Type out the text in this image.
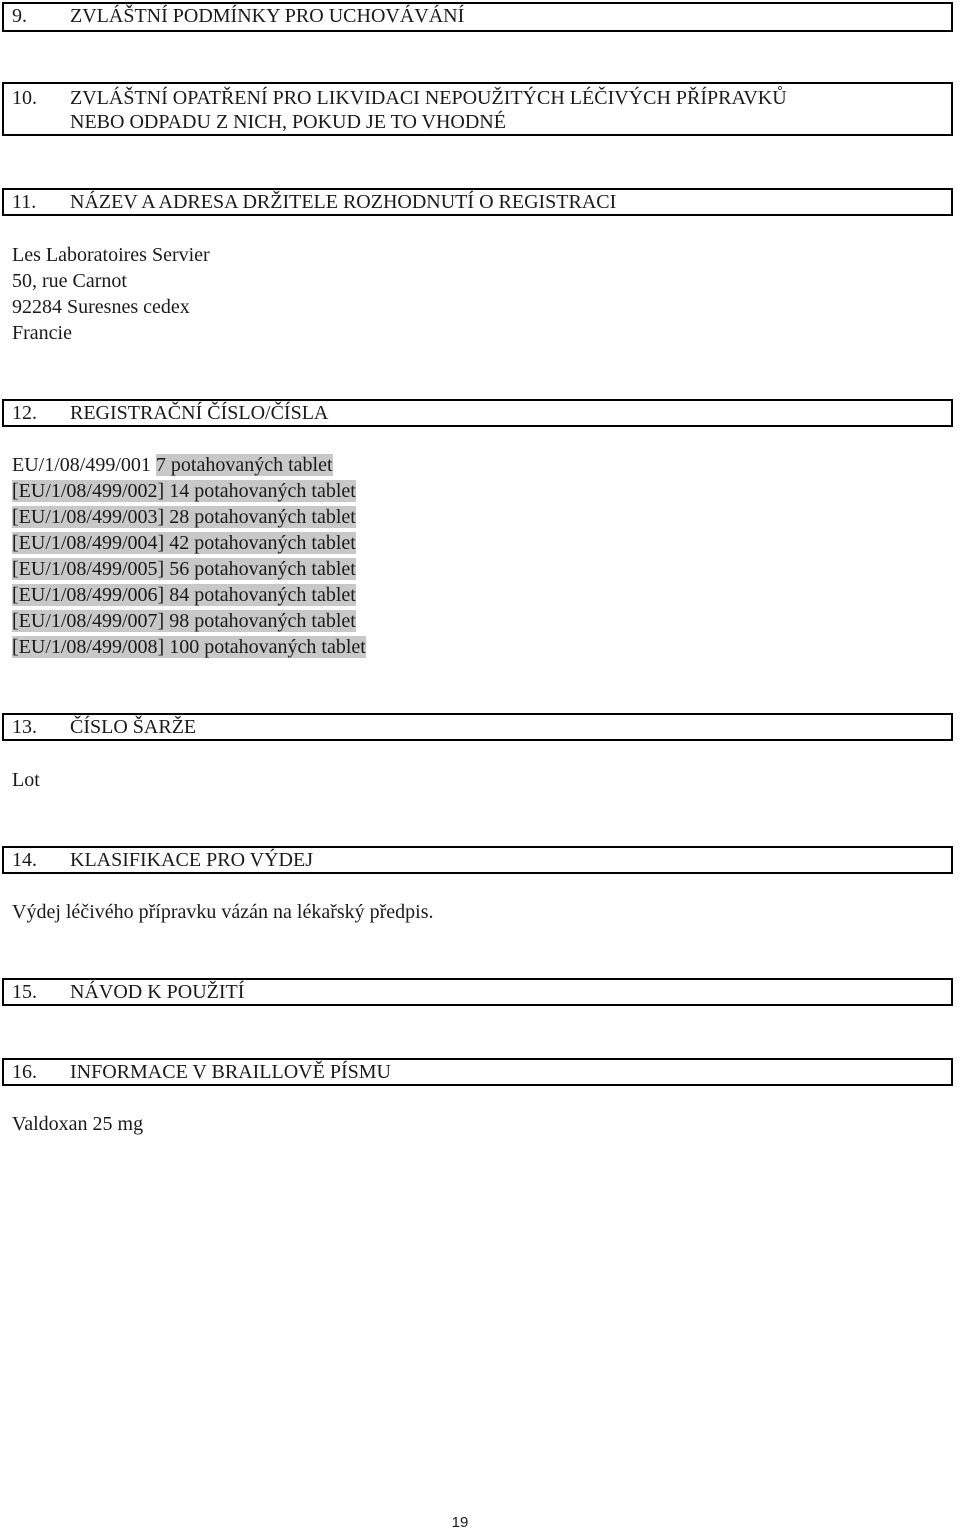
9.	ZVLÁŠTNÍ PODMÍNKY PRO UCHOVÁVÁNÍ
10.	ZVLÁŠTNÍ OPATŘENÍ PRO LIKVIDACI NEPOUŽITÝCH LÉČIVÝCH PŘÍPRAVKŮ
NEBO ODPADU Z NICH, POKUD JE TO VHODNÉ
11.	NÁZEV A ADRESA DRŽITELE ROZHODNUTÍ O REGISTRACI
Les Laboratoires Servier
50, rue Carnot
92284 Suresnes cedex
Francie
12.	REGISTRAČNÍ ČÍSLO/ČÍSLA
EU/1/08/499/001 7 potahovaných tablet
[EU/1/08/499/002] 14 potahovaných tablet
[EU/1/08/499/003] 28 potahovaných tablet
[EU/1/08/499/004] 42 potahovaných tablet
[EU/1/08/499/005] 56 potahovaných tablet
[EU/1/08/499/006] 84 potahovaných tablet
[EU/1/08/499/007] 98 potahovaných tablet
[EU/1/08/499/008] 100 potahovaných tablet
13.	ČÍSLO ŠARŽE
Lot
14.	KLASIFIKACE PRO VÝDEJ
Výdej léčivého přípravku vázán na lékařský předpis.
15.	NÁVOD K POUŽITÍ
16.	INFORMACE V BRAILLOVĚ PÍSMU
Valdoxan 25 mg
19
